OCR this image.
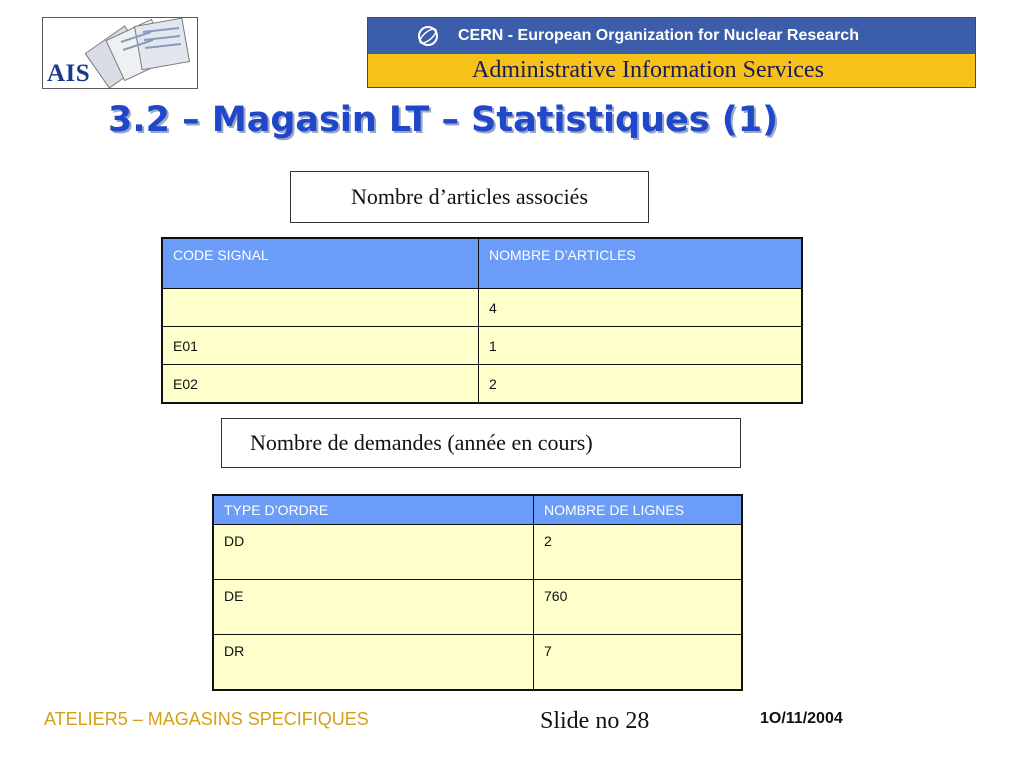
AIS
CERN - European Organization for Nuclear Research
Administrative Information Services
3.2 – Magasin LT – Statistiques (1)
Nombre d’articles associés
CODE SIGNAL	NOMBRE D’ARTICLES
	4
E01	1
E02	2
Nombre de demandes (année en cours)
TYPE D’ORDRE	NOMBRE DE LIGNES
DD	2
DE	760
DR	7
ATELIER5 – MAGASINS SPECIFIQUES	Slide no 28	1O/11/2004
